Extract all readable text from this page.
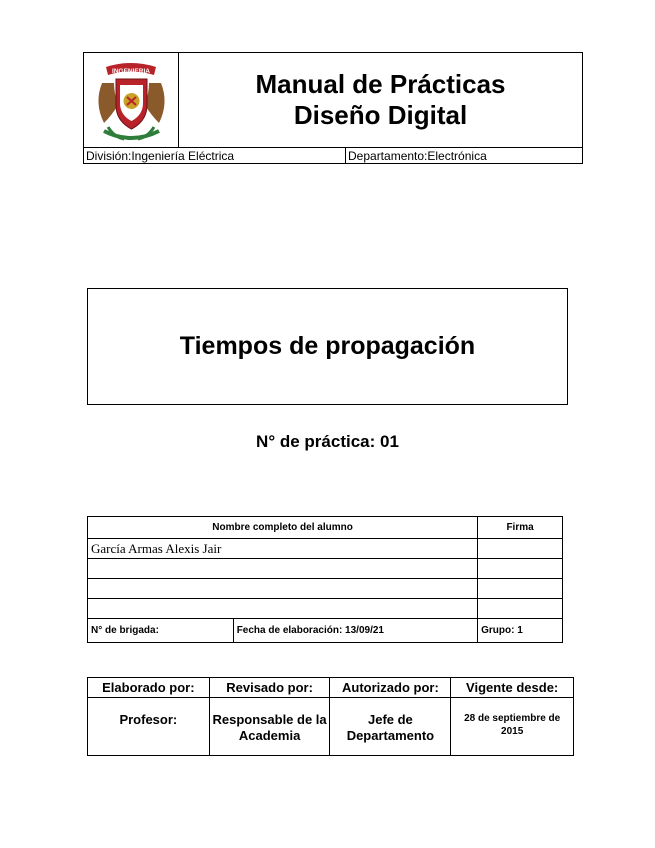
INGENIERIA	Manual de Prácticas
Diseño Digital
División:Ingeniería Eléctrica	Departamento:Electrónica
Tiempos de propagación
N° de práctica: 01
Nombre completo del alumno		Firma
García Armas Alexis Jair		

N° de brigada:	Fecha de elaboración: 13/09/21	Grupo: 1
Elaborado por:	Revisado por:	Autorizado por:	Vigente desde:
Profesor:	Responsable de la Academia	Jefe de Departamento	28 de septiembre de 2015
